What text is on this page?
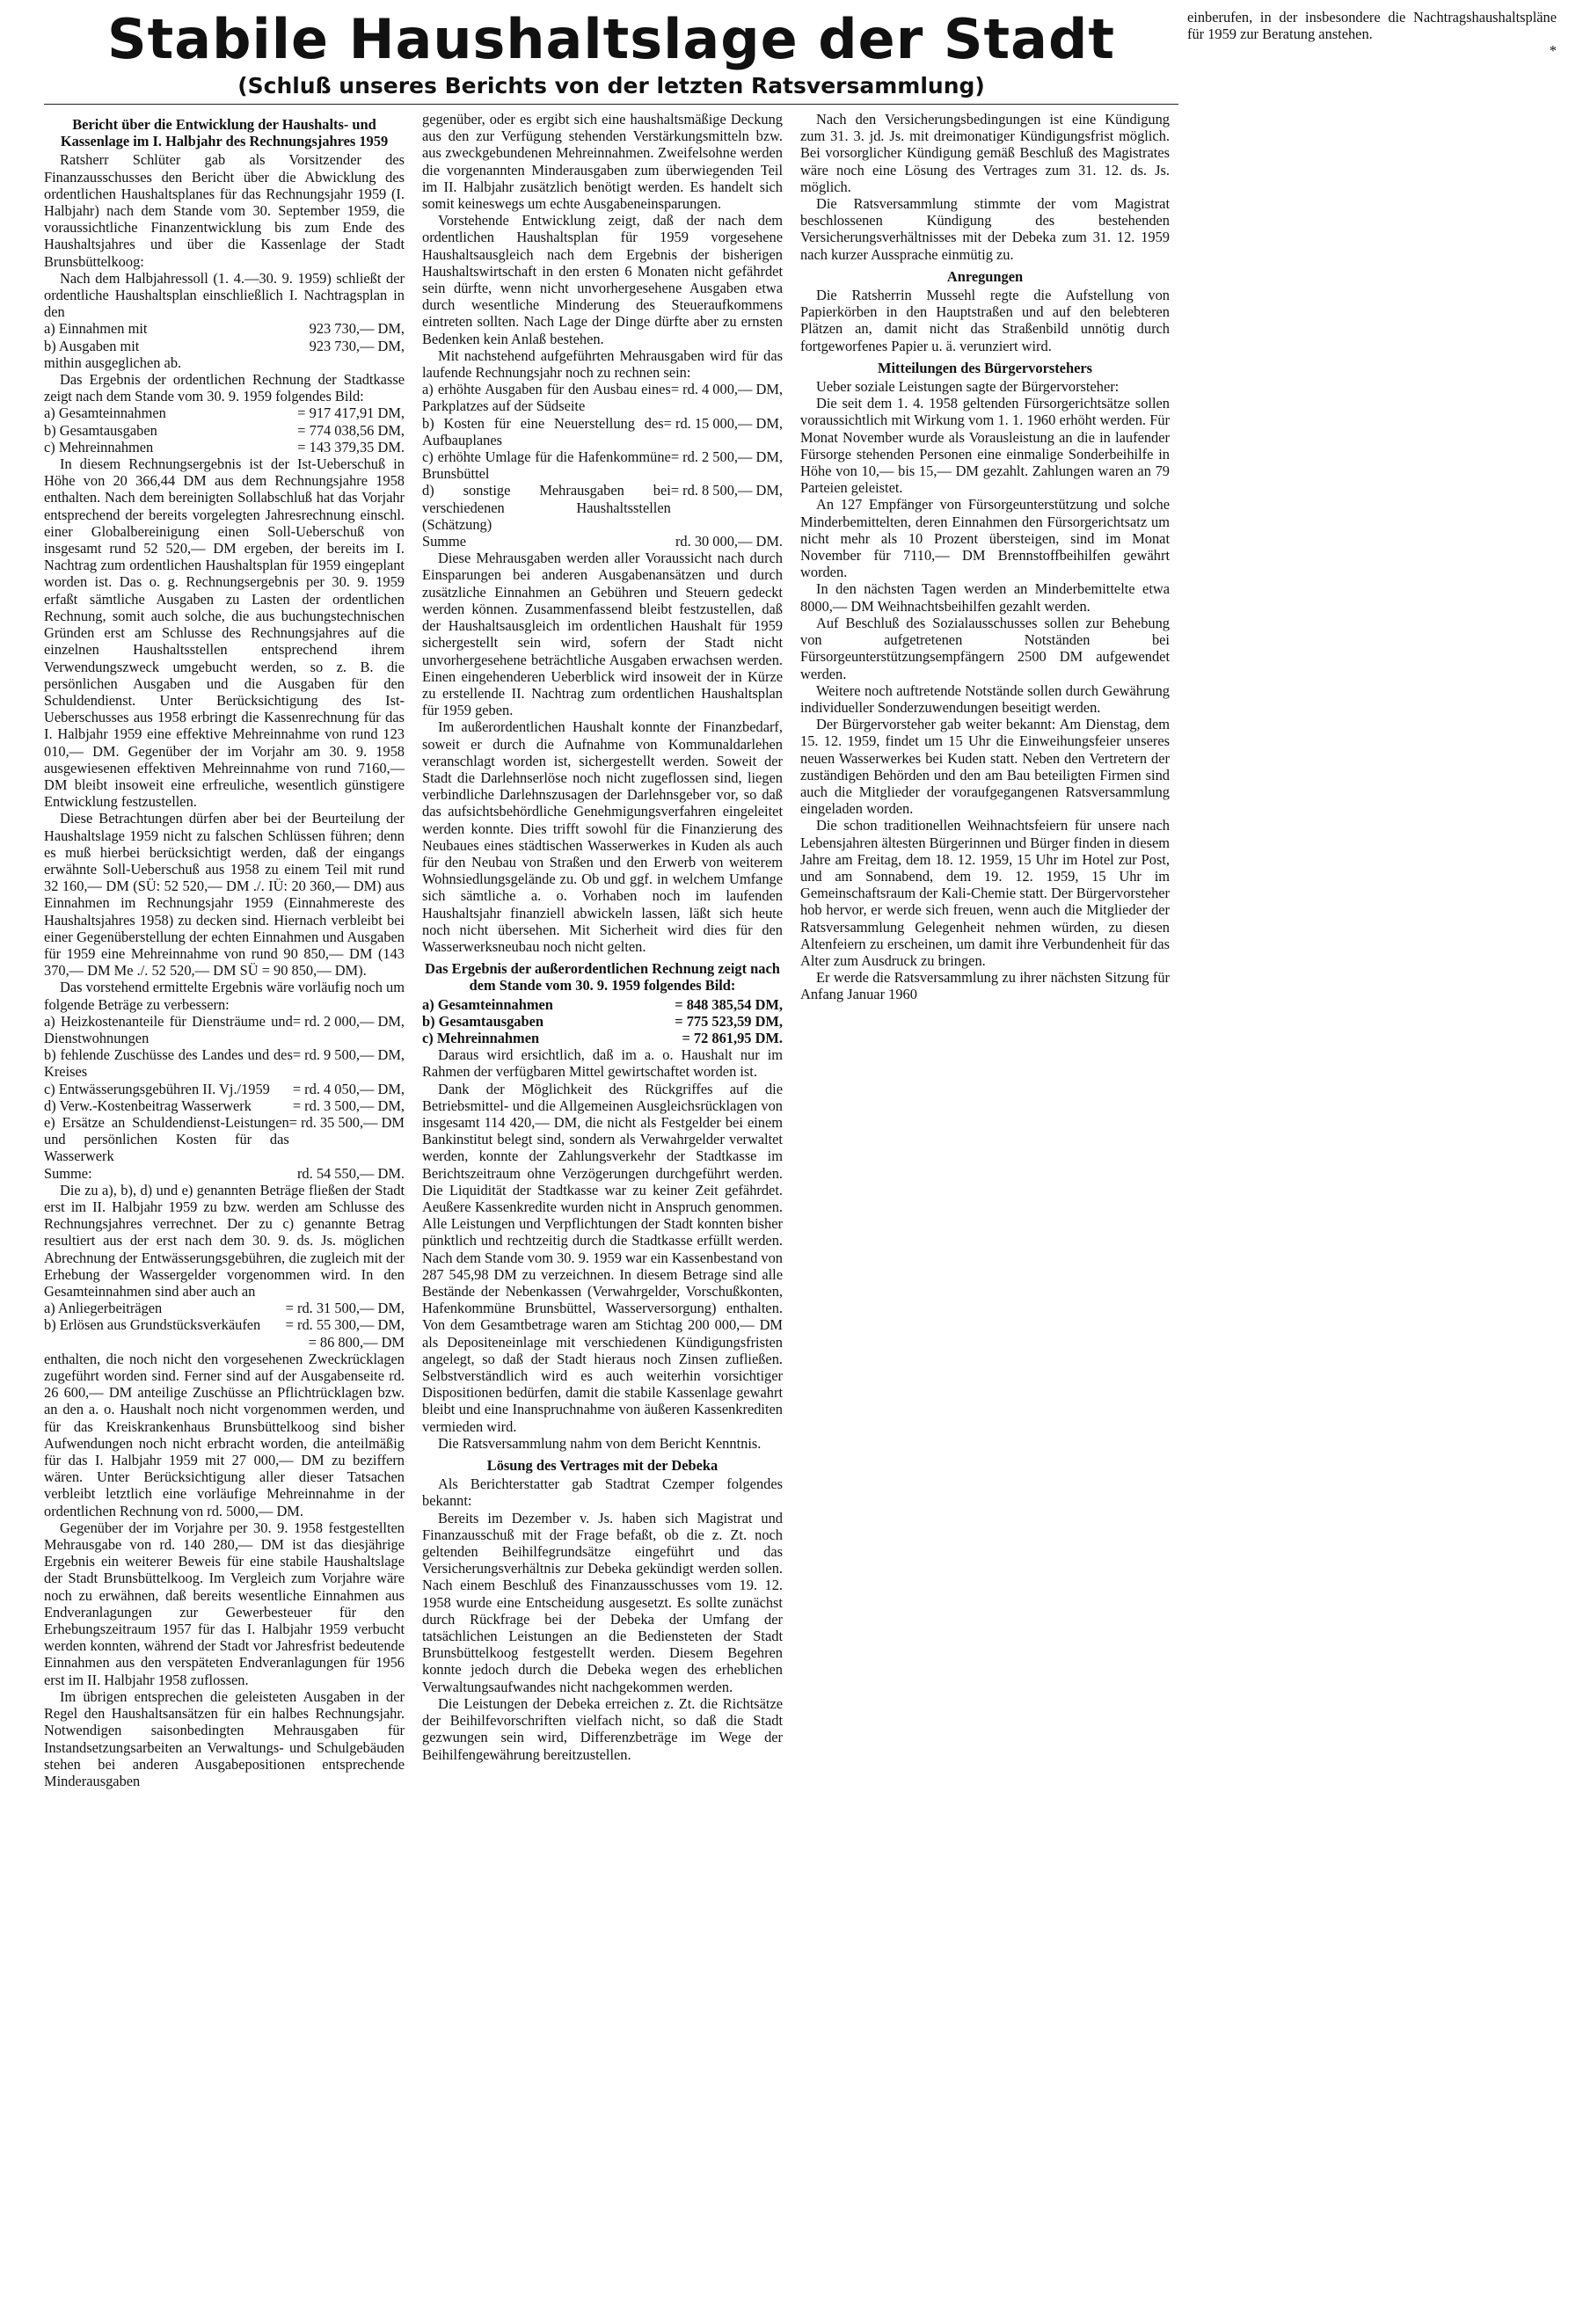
Stabile Haushaltslage der Stadt
(Schluß unseres Berichts von der letzten Ratsversammlung)

Bericht über die Entwicklung der Haushalts- und Kassenlage im I. Halbjahr des Rechnungsjahres 1959

Ratsherr Schlüter gab als Vorsitzender des Finanzausschusses den Bericht über die Abwicklung des ordentlichen Haushaltsplanes für das Rechnungsjahr 1959 (I. Halbjahr) nach dem Stande vom 30. September 1959, die voraussichtliche Finanzentwicklung bis zum Ende des Haushaltsjahres und über die Kassenlage der Stadt Brunsbüttelkoog:

Nach dem Halbjahressoll (1. 4.—30. 9. 1959) schließt der ordentliche Haushaltsplan einschließlich I. Nachtragsplan in den

a) Einnahmen mit	923 730,— DM,
b) Ausgaben mit	923 730,— DM,

mithin ausgeglichen ab.

Das Ergebnis der ordentlichen Rechnung der Stadtkasse zeigt nach dem Stande vom 30. 9. 1959 folgendes Bild:

a) Gesamteinnahmen	= 917 417,91 DM,
b) Gesamtausgaben	= 774 038,56 DM,
c) Mehreinnahmen	= 143 379,35 DM.

In diesem Rechnungsergebnis ist der Ist-Ueberschuß in Höhe von 20 366,44 DM aus dem Rechnungsjahre 1958 enthalten. Nach dem bereinigten Sollabschluß hat das Vorjahr entsprechend der bereits vorgelegten Jahresrechnung einschl. einer Globalbereinigung einen Soll-Ueberschuß von insgesamt rund 52 520,— DM ergeben, der bereits im I. Nachtrag zum ordentlichen Haushaltsplan für 1959 eingeplant worden ist. Das o. g. Rechnungsergebnis per 30. 9. 1959 erfaßt sämtliche Ausgaben zu Lasten der ordentlichen Rechnung, somit auch solche, die aus buchungstechnischen Gründen erst am Schlusse des Rechnungsjahres auf die einzelnen Haushaltsstellen entsprechend ihrem Verwendungszweck umgebucht werden, so z. B. die persönlichen Ausgaben und die Ausgaben für den Schuldendienst. Unter Berücksichtigung des Ist-Ueberschusses aus 1958 erbringt die Kassenrechnung für das I. Halbjahr 1959 eine effektive Mehreinnahme von rund 123 010,— DM. Gegenüber der im Vorjahr am 30. 9. 1958 ausgewiesenen effektiven Mehreinnahme von rund 7160,— DM bleibt insoweit eine erfreuliche, wesentlich günstigere Entwicklung festzustellen.

Diese Betrachtungen dürfen aber bei der Beurteilung der Haushaltslage 1959 nicht zu falschen Schlüssen führen; denn es muß hierbei berücksichtigt werden, daß der eingangs erwähnte Soll-Ueberschuß aus 1958 zu einem Teil mit rund 32 160,— DM (SÜ: 52 520,— DM ./. IÜ: 20 360,— DM) aus Einnahmen im Rechnungsjahr 1959 (Einnahmereste des Haushaltsjahres 1958) zu decken sind. Hiernach verbleibt bei einer Gegenüberstellung der echten Einnahmen und Ausgaben für 1959 eine Mehreinnahme von rund 90 850,— DM (143 370,— DM Me ./. 52 520,— DM SÜ = 90 850,— DM).

Das vorstehend ermittelte Ergebnis wäre vorläufig noch um folgende Beträge zu verbessern:

a) Heizkostenanteile für Diensträume und Dienstwohnungen
= rd. 2 000,— DM,
b) fehlende Zuschüsse des Landes und des Kreises
= rd. 9 500,— DM,
c) Entwässerungsgebühren II. Vj./1959 = rd. 4 050,— DM,
d) Verw.-Kostenbeitrag Wasserwerk	= rd. 3 500,— DM,
e) Ersätze an Schuldendienst-Leistungen und persönlichen Kosten für das Wasserwerk
= rd. 35 500,— DM
Summe:	rd. 54 550,— DM.

Die zu a), b), d) und e) genannten Beträge fließen der Stadt erst im II. Halbjahr 1959 zu bzw. werden am Schlusse des Rechnungsjahres verrechnet. Der zu c) genannte Betrag resultiert aus der erst nach dem 30. 9. ds. Js. möglichen Abrechnung der Entwässerungsgebühren, die zugleich mit der Erhebung der Wassergelder vorgenommen wird. In den Gesamteinnahmen sind aber auch an

a) Anliegerbeiträgen	= rd. 31 500,— DM,
b) Erlösen aus Grundstücksverkäufen = rd. 55 300,— DM,
= 86 800,— DM

enthalten, die noch nicht den vorgesehenen Zweckrücklagen zugeführt worden sind. Ferner sind auf der Ausgabenseite rd. 26 600,— DM anteilige Zuschüsse an Pflichtrücklagen bzw. an den a. o. Haushalt noch nicht vorgenommen werden, und für das Kreiskrankenhaus Brunsbüttelkoog sind bisher Aufwendungen noch nicht erbracht worden, die anteilmäßig für das I. Halbjahr 1959 mit 27 000,— DM zu beziffern wären. Unter Berücksichtigung aller dieser Tatsachen verbleibt letztlich eine vorläufige Mehreinnahme in der ordentlichen Rechnung von rd. 5000,— DM.

Gegenüber der im Vorjahre per 30. 9. 1958 festgestellten Mehrausgabe von rd. 140 280,— DM ist das diesjährige Ergebnis ein weiterer Beweis für eine stabile Haushaltslage der Stadt Brunsbüttelkoog. Im Vergleich zum Vorjahre wäre noch zu erwähnen, daß bereits wesentliche Einnahmen aus Endveranlagungen zur Gewerbesteuer für den Erhebungszeitraum 1957 für das I. Halbjahr 1959 verbucht werden konnten, während der Stadt vor Jahresfrist bedeutende Einnahmen aus den verspäteten Endveranlagungen für 1956 erst im II. Halbjahr 1958 zuflossen.

Im übrigen entsprechen die geleisteten Ausgaben in der Regel den Haushaltsansätzen für ein halbes Rechnungsjahr. Notwendigen saisonbedingten Mehrausgaben für Instandsetzungsarbeiten an Verwaltungs- und Schulgebäuden stehen bei anderen Ausgabepositionen entsprechende Minderausgaben

gegenüber, oder es ergibt sich eine haushaltsmäßige Deckung aus den zur Verfügung stehenden Verstärkungsmitteln bzw. aus zweckgebundenen Mehreinnahmen. Zweifelsohne werden die vorgenannten Minderausgaben zum überwiegenden Teil im II. Halbjahr zusätzlich benötigt werden. Es handelt sich somit keineswegs um echte Ausgabeneinsparungen.

Vorstehende Entwicklung zeigt, daß der nach dem ordentlichen Haushaltsplan für 1959 vorgesehene Haushaltsausgleich nach dem Ergebnis der bisherigen Haushaltswirtschaft in den ersten 6 Monaten nicht gefährdet sein dürfte, wenn nicht unvorhergesehene Ausgaben etwa durch wesentliche Minderung des Steueraufkommens eintreten sollten. Nach Lage der Dinge dürfte aber zu ernsten Bedenken kein Anlaß bestehen.

Mit nachstehend aufgeführten Mehrausgaben wird für das laufende Rechnungsjahr noch zu rechnen sein:

a) erhöhte Ausgaben für den Ausbau eines Parkplatzes auf der Südseite
= rd. 4 000,— DM,
b) Kosten für eine Neuerstellung des Aufbauplanes
= rd. 15 000,— DM,
c) erhöhte Umlage für die Hafenkommüne Brunsbüttel
= rd. 2 500,— DM,
d) sonstige Mehrausgaben bei verschiedenen Haushaltsstellen (Schätzung)
= rd. 8 500,— DM,
Summe	rd. 30 000,— DM.

Diese Mehrausgaben werden aller Voraussicht nach durch Einsparungen bei anderen Ausgabenansätzen und durch zusätzliche Einnahmen an Gebühren und Steuern gedeckt werden können. Zusammenfassend bleibt festzustellen, daß der Haushaltsausgleich im ordentlichen Haushalt für 1959 sichergestellt sein wird, sofern der Stadt nicht unvorhergesehene beträchtliche Ausgaben erwachsen werden. Einen eingehenderen Ueberblick wird insoweit der in Kürze zu erstellende II. Nachtrag zum ordentlichen Haushaltsplan für 1959 geben.

Im außerordentlichen Haushalt konnte der Finanzbedarf, soweit er durch die Aufnahme von Kommunaldarlehen veranschlagt worden ist, sichergestellt werden. Soweit der Stadt die Darlehnserlöse noch nicht zugeflossen sind, liegen verbindliche Darlehnszusagen der Darlehnsgeber vor, so daß das aufsichtsbehördliche Genehmigungsverfahren eingeleitet werden konnte. Dies trifft sowohl für die Finanzierung des Neubaues eines städtischen Wasserwerkes in Kuden als auch für den Neubau von Straßen und den Erwerb von weiterem Wohnsiedlungsgelände zu. Ob und ggf. in welchem Umfange sich sämtliche a. o. Vorhaben noch im laufenden Haushaltsjahr finanziell abwickeln lassen, läßt sich heute noch nicht übersehen. Mit Sicherheit wird dies für den Wasserwerksneubau noch nicht gelten.

Das Ergebnis der außerordentlichen Rechnung zeigt nach dem Stande vom 30. 9. 1959 folgendes Bild:

a) Gesamteinnahmen	= 848 385,54 DM,
b) Gesamtausgaben	= 775 523,59 DM,
c) Mehreinnahmen	= 72 861,95 DM.

Daraus wird ersichtlich, daß im a. o. Haushalt nur im Rahmen der verfügbaren Mittel gewirtschaftet worden ist.

Dank der Möglichkeit des Rückgriffes auf die Betriebsmittel- und die Allgemeinen Ausgleichsrücklagen von insgesamt 114 420,— DM, die nicht als Festgelder bei einem Bankinstitut belegt sind, sondern als Verwahrgelder verwaltet werden, konnte der Zahlungsverkehr der Stadtkasse im Berichtszeitraum ohne Verzögerungen durchgeführt werden. Die Liquidität der Stadtkasse war zu keiner Zeit gefährdet. Aeußere Kassenkredite wurden nicht in Anspruch genommen. Alle Leistungen und Verpflichtungen der Stadt konnten bisher pünktlich und rechtzeitig durch die Stadtkasse erfüllt werden. Nach dem Stande vom 30. 9. 1959 war ein Kassenbestand von 287 545,98 DM zu verzeichnen. In diesem Betrage sind alle Bestände der Nebenkassen (Verwahrgelder, Vorschußkonten, Hafenkommüne Brunsbüttel, Wasserversorgung) enthalten. Von dem Gesamtbetrage waren am Stichtag 200 000,— DM als Depositeneinlage mit verschiedenen Kündigungsfristen angelegt, so daß der Stadt hieraus noch Zinsen zufließen. Selbstverständlich wird es auch weiterhin vorsichtiger Dispositionen bedürfen, damit die stabile Kassenlage gewahrt bleibt und eine Inanspruchnahme von äußeren Kassenkrediten vermieden wird.

Die Ratsversammlung nahm von dem Bericht Kenntnis.

Lösung des Vertrages mit der Debeka

Als Berichterstatter gab Stadtrat Czemper folgendes bekannt:

Bereits im Dezember v. Js. haben sich Magistrat und Finanzausschuß mit der Frage befaßt, ob die z. Zt. noch geltenden Beihilfegrundsätze eingeführt und das Versicherungsverhältnis zur Debeka gekündigt werden sollen. Nach einem Beschluß des Finanzausschusses vom 19. 12. 1958 wurde eine Entscheidung ausgesetzt. Es sollte zunächst durch Rückfrage bei der Debeka der Umfang der tatsächlichen Leistungen an die Bediensteten der Stadt Brunsbüttelkoog festgestellt werden. Diesem Begehren konnte jedoch durch die Debeka wegen des erheblichen Verwaltungsaufwandes nicht nachgekommen werden.

Die Leistungen der Debeka erreichen z. Zt. die Richtsätze der Beihilfevorschriften vielfach nicht, so daß die Stadt gezwungen sein wird, Differenzbeträge im Wege der Beihilfengewährung bereitzustellen.

Nach den Versicherungsbedingungen ist eine Kündigung zum 31. 3. jd. Js. mit dreimonatiger Kündigungsfrist möglich. Bei vorsorglicher Kündigung gemäß Beschluß des Magistrates wäre noch eine Lösung des Vertrages zum 31. 12. ds. Js. möglich.

Die Ratsversammlung stimmte der vom Magistrat beschlossenen Kündigung des bestehenden Versicherungsverhältnisses mit der Debeka zum 31. 12. 1959 nach kurzer Aussprache einmütig zu.

Anregungen

Die Ratsherrin Mussehl regte die Aufstellung von Papierkörben in den Hauptstraßen und auf den belebteren Plätzen an, damit nicht das Straßenbild unnötig durch fortgeworfenes Papier u. ä. verunziert wird.

Mitteilungen des Bürgervorstehers

Ueber soziale Leistungen sagte der Bürgervorsteher:

Die seit dem 1. 4. 1958 geltenden Fürsorgerichtsätze sollen voraussichtlich mit Wirkung vom 1. 1. 1960 erhöht werden. Für Monat November wurde als Vorausleistung an die in laufender Fürsorge stehenden Personen eine einmalige Sonderbeihilfe in Höhe von 10,— bis 15,— DM gezahlt. Zahlungen waren an 79 Parteien geleistet.

An 127 Empfänger von Fürsorgeunterstützung und solche Minderbemittelten, deren Einnahmen den Fürsorgerichtsatz um nicht mehr als 10 Prozent übersteigen, sind im Monat November für 7110,— DM Brennstoffbeihilfen gewährt worden.

In den nächsten Tagen werden an Minderbemittelte etwa 8000,— DM Weihnachtsbeihilfen gezahlt werden.

Auf Beschluß des Sozialausschusses sollen zur Behebung von aufgetretenen Notständen bei Fürsorgeunterstützungsempfängern 2500 DM aufgewendet werden.

Weitere noch auftretende Notstände sollen durch Gewährung individueller Sonderzuwendungen beseitigt werden.

Der Bürgervorsteher gab weiter bekannt: Am Dienstag, dem 15. 12. 1959, findet um 15 Uhr die Einweihungsfeier unseres neuen Wasserwerkes bei Kuden statt. Neben den Vertretern der zuständigen Behörden und den am Bau beteiligten Firmen sind auch die Mitglieder der voraufgegangenen Ratsversammlung eingeladen worden.

Die schon traditionellen Weihnachtsfeiern für unsere nach Lebensjahren ältesten Bürgerinnen und Bürger finden in diesem Jahre am Freitag, dem 18. 12. 1959, 15 Uhr im Hotel zur Post, und am Sonnabend, dem 19. 12. 1959, 15 Uhr im Gemeinschaftsraum der Kali-Chemie statt. Der Bürgervorsteher hob hervor, er werde sich freuen, wenn auch die Mitglieder der Ratsversammlung Gelegenheit nehmen würden, zu diesen Altenfeiern zu erscheinen, um damit ihre Verbundenheit für das Alter zum Ausdruck zu bringen.

Er werde die Ratsversammlung zu ihrer nächsten Sitzung für Anfang Januar 1960

einberufen, in der insbesondere die Nachtragshaushaltspläne für 1959 zur Beratung anstehen.

*
